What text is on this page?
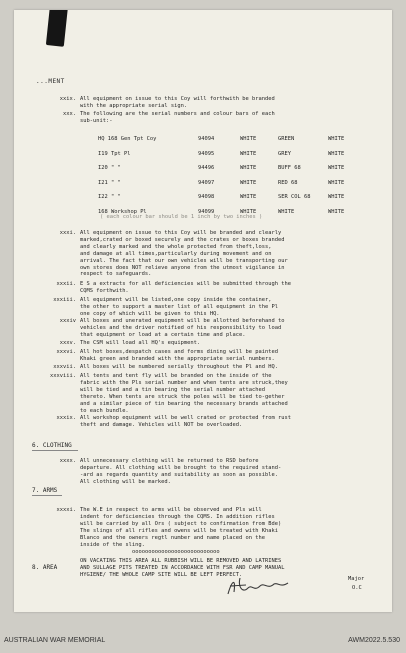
...MENT
xxix. All equipment on issue to this Coy will forthwith be branded
with the appropriate serial sign.
xxx. The following are the serial numbers and colour bars of each
sub-unit:-
HQ 168 Gen Tpt Coy	94094	WHITE	GREEN	WHITE
I19 Tpt Pl	94095	WHITE	GREY	WHITE
I20 " "	94496	WHITE	BUFF 68	WHITE
I21 " "	94097	WHITE	RED 68	WHITE
I22 " "	94098	WHITE	SER COL 68	WHITE
168 Workshop Pl	94099	WHITE	WHITE	WHITE
( each colour bar should be 1 inch by two inches )
xxxi. All equipment on issue to this Coy will be branded and clearly
marked,crated or boxed securely and the crates or boxes branded
and clearly marked and the whole protected from theft,loss,
and damage at all times,particularly during movement and on
arrival. The fact that our own vehicles will be transporting our
own stores does NOT relieve anyone from the utmost vigilance in
respect to safeguards.
xxxii. E S a extracts for all deficiencies will be submitted through the
CQMS forthwith.
xxxiii. All equipment will be listed,one copy inside the container,
the other to support a master list of all equipment in the Pl
one copy of which will be given to this HQ.
xxxiv All boxes and unerated equipment will be allotted beforehand to
vehicles and the driver notified of his responsibility to load
that equipment or load at a certain time and place.
xxxv. The CSM will load all HQ's equipment.
xxxvi. All hot boxes,despatch cases and forms dining will be painted
Khaki green and branded with the appropriate serial numbers.
xxxvii. All boxes will be numbered serially throughout the Pl and HQ.
xxxviii. All tents and tent fly will be branded on the inside of the
fabric with the Pls serial number and when tents are struck,they
will be tied and a tin bearing the serial number attached
thereto. When tents are struck the poles will be tied to-gether
and a similar piece of tin bearing the necessary brands attached
to each bundle.
xxxix. All workshop equipment will be well crated or protected from rust
theft and damage. Vehicles will NOT be overloaded.
6. CLOTHING
xxxx. All unnecessary clothing will be returned to RSD before
departure. All clothing will be brought to the required stand-
-ard as regards quantity and suitability as soon as possible.
All clothing will be marked.
7. ARMS
xxxxi. The W.E in respect to arms will be observed and Pls will
indent for deficiencies through the CQMS. In addition rifles
will be carried by all Ors ( subject to confirmation from Bde)
The slings of all rifles and owens will be treated with Khaki
Blanco and the owners regtl number and name placed on the
inside of the sling.
ooooooooooooooooooooooooooo
8. AREA
ON VACATING THIS AREA ALL RUBBISH WILL BE REMOVED AND LATRINES
AND SULLAGE PITS TREATED IN ACCORDANCE WITH FSR AND CAMP MANUAL
HYGIENE/ THE WHOLE CAMP SITE WILL BE LEFT PERFECT.
Major
O.C
AUSTRALIAN WAR MEMORIAL	AWM2022.5.530
